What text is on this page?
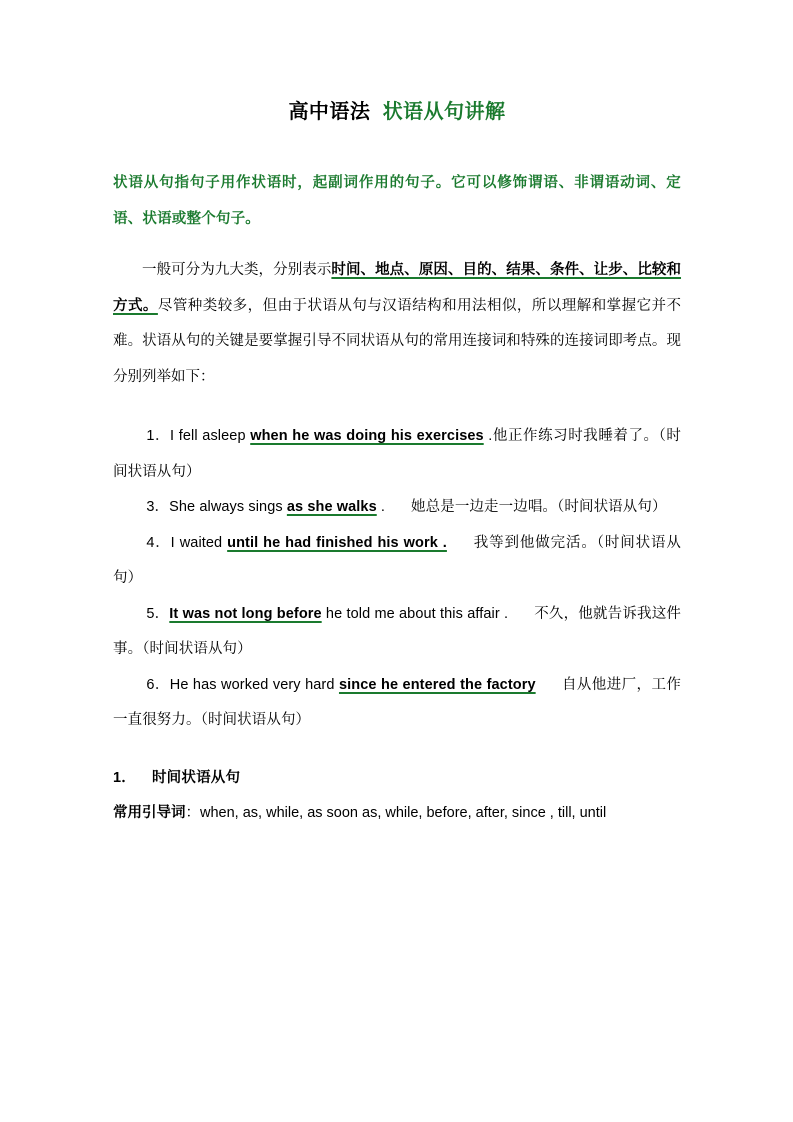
高中语法 状语从句讲解
状语从句指句子用作状语时，起副词作用的句子。它可以修饰谓语、非谓语动词、定语、状语或整个句子。
一般可分为九大类，分别表示时间、地点、原因、目的、结果、条件、让步、比较和方式。尽管种类较多，但由于状语从句与汉语结构和用法相似，所以理解和掌握它并不难。状语从句的关键是要掌握引导不同状语从句的常用连接词和特殊的连接词即考点。现分别列举如下：
1．I fell asleep when he was doing his exercises .他正作练习时我睡着了。（时间状语从句）
3．She always sings as she walks . 她总是一边走一边唱。（时间状语从句）
4．I waited until he had finished his work . 我等到他做完活。（时间状语从句）
5．It was not long before he told me about this affair . 不久，他就告诉我这件事。（时间状语从句）
6．He has worked very hard since he entered the factory 自从他进厂，工作一直很努力。（时间状语从句）
1． 时间状语从句
常用引导词：when, as, while, as soon as, while, before, after, since , till, until
